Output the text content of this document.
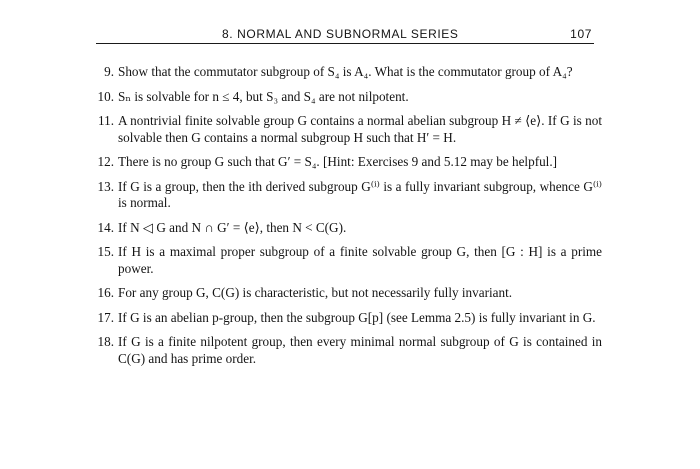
8. NORMAL AND SUBNORMAL SERIES	107
9. Show that the commutator subgroup of S₄ is A₄. What is the commutator group of A₄?
10. Sₙ is solvable for n ≤ 4, but S₃ and S₄ are not nilpotent.
11. A nontrivial finite solvable group G contains a normal abelian subgroup H ≠ ⟨e⟩. If G is not solvable then G contains a normal subgroup H such that H′ = H.
12. There is no group G such that G′ = S₄. [Hint: Exercises 9 and 5.12 may be helpful.]
13. If G is a group, then the ith derived subgroup G⁽ⁱ⁾ is a fully invariant subgroup, whence G⁽ⁱ⁾ is normal.
14. If N ◁ G and N ∩ G′ = ⟨e⟩, then N < C(G).
15. If H is a maximal proper subgroup of a finite solvable group G, then [G : H] is a prime power.
16. For any group G, C(G) is characteristic, but not necessarily fully invariant.
17. If G is an abelian p-group, then the subgroup G[p] (see Lemma 2.5) is fully invariant in G.
18. If G is a finite nilpotent group, then every minimal normal subgroup of G is contained in C(G) and has prime order.
